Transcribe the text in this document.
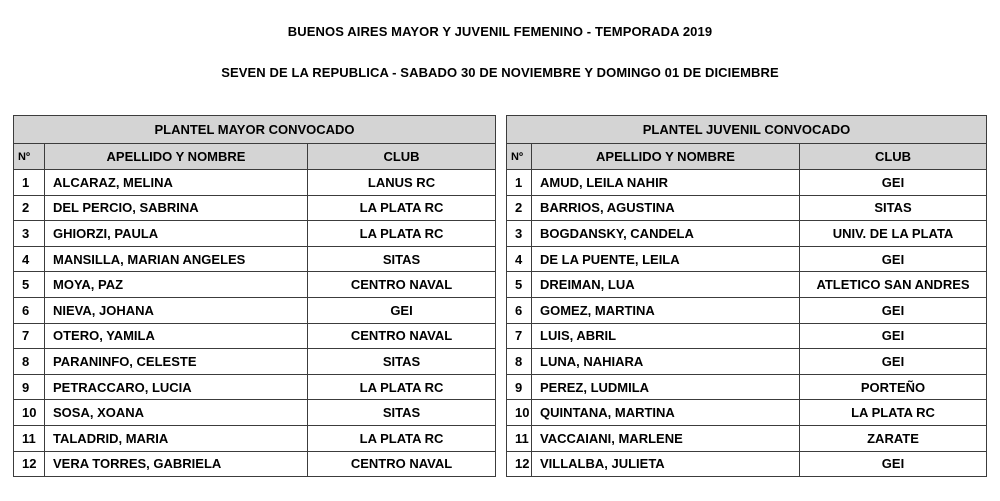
BUENOS AIRES MAYOR Y JUVENIL FEMENINO - TEMPORADA 2019
SEVEN DE LA REPUBLICA - SABADO 30 DE NOVIEMBRE Y DOMINGO 01 DE DICIEMBRE
PLANTEL MAYOR CONVOCADO		
Nº	APELLIDO Y NOMBRE	CLUB
1	ALCARAZ, MELINA	LANUS RC
2	DEL PERCIO, SABRINA	LA PLATA RC
3	GHIORZI, PAULA	LA PLATA RC
4	MANSILLA, MARIAN ANGELES	SITAS
5	MOYA, PAZ	CENTRO NAVAL
6	NIEVA, JOHANA	GEI
7	OTERO, YAMILA	CENTRO NAVAL
8	PARANINFO, CELESTE	SITAS
9	PETRACCARO, LUCIA	LA PLATA RC
10	SOSA, XOANA	SITAS
11	TALADRID, MARIA	LA PLATA RC
12	VERA TORRES, GABRIELA	CENTRO NAVAL
PLANTEL JUVENIL CONVOCADO		
Nº	APELLIDO Y NOMBRE	CLUB
1	AMUD, LEILA NAHIR	GEI
2	BARRIOS, AGUSTINA	SITAS
3	BOGDANSKY, CANDELA	UNIV. DE LA PLATA
4	DE LA PUENTE, LEILA	GEI
5	DREIMAN, LUA	ATLETICO SAN ANDRES
6	GOMEZ, MARTINA	GEI
7	LUIS, ABRIL	GEI
8	LUNA, NAHIARA	GEI
9	PEREZ, LUDMILA	PORTEÑO
10	QUINTANA, MARTINA	LA PLATA RC
11	VACCAIANI, MARLENE	ZARATE
12	VILLALBA, JULIETA	GEI
